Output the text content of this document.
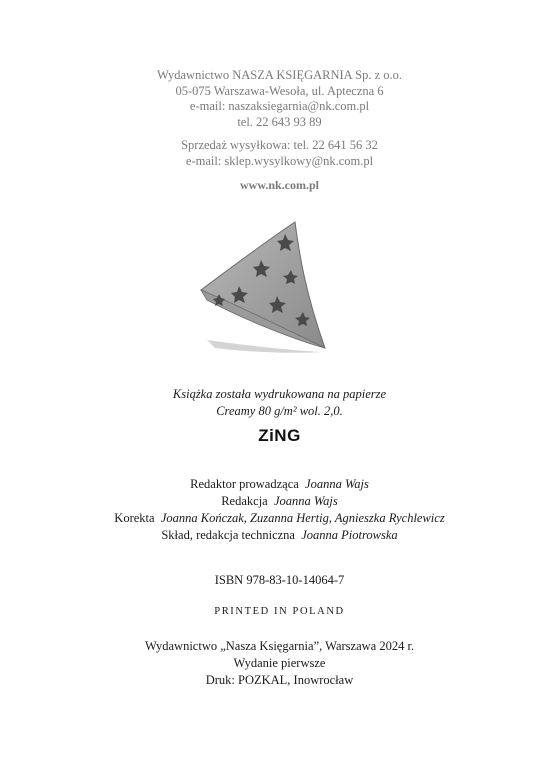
Wydawnictwo NASZA KSIĘGARNIA Sp. z o.o.
05-075 Warszawa-Wesoła, ul. Apteczna 6
e-mail: naszaksiegarnia@nk.com.pl
tel. 22 643 93 89
Sprzedaż wysyłkowa: tel. 22 641 56 32
e-mail: sklep.wysylkowy@nk.com.pl
www.nk.com.pl
Książka została wydrukowana na papierze
Creamy 80 g/m² wol. 2,0.
ZiNG
Redaktor prowadząca Joanna Wajs
Redakcja Joanna Wajs
Korekta Joanna Kończak, Zuzanna Hertig, Agnieszka Rychlewicz
Skład, redakcja techniczna Joanna Piotrowska
ISBN 978-83-10-14064-7
PRINTED IN POLAND
Wydawnictwo „Nasza Księgarnia”, Warszawa 2024 r.
Wydanie pierwsze
Druk: POZKAL, Inowrocław
